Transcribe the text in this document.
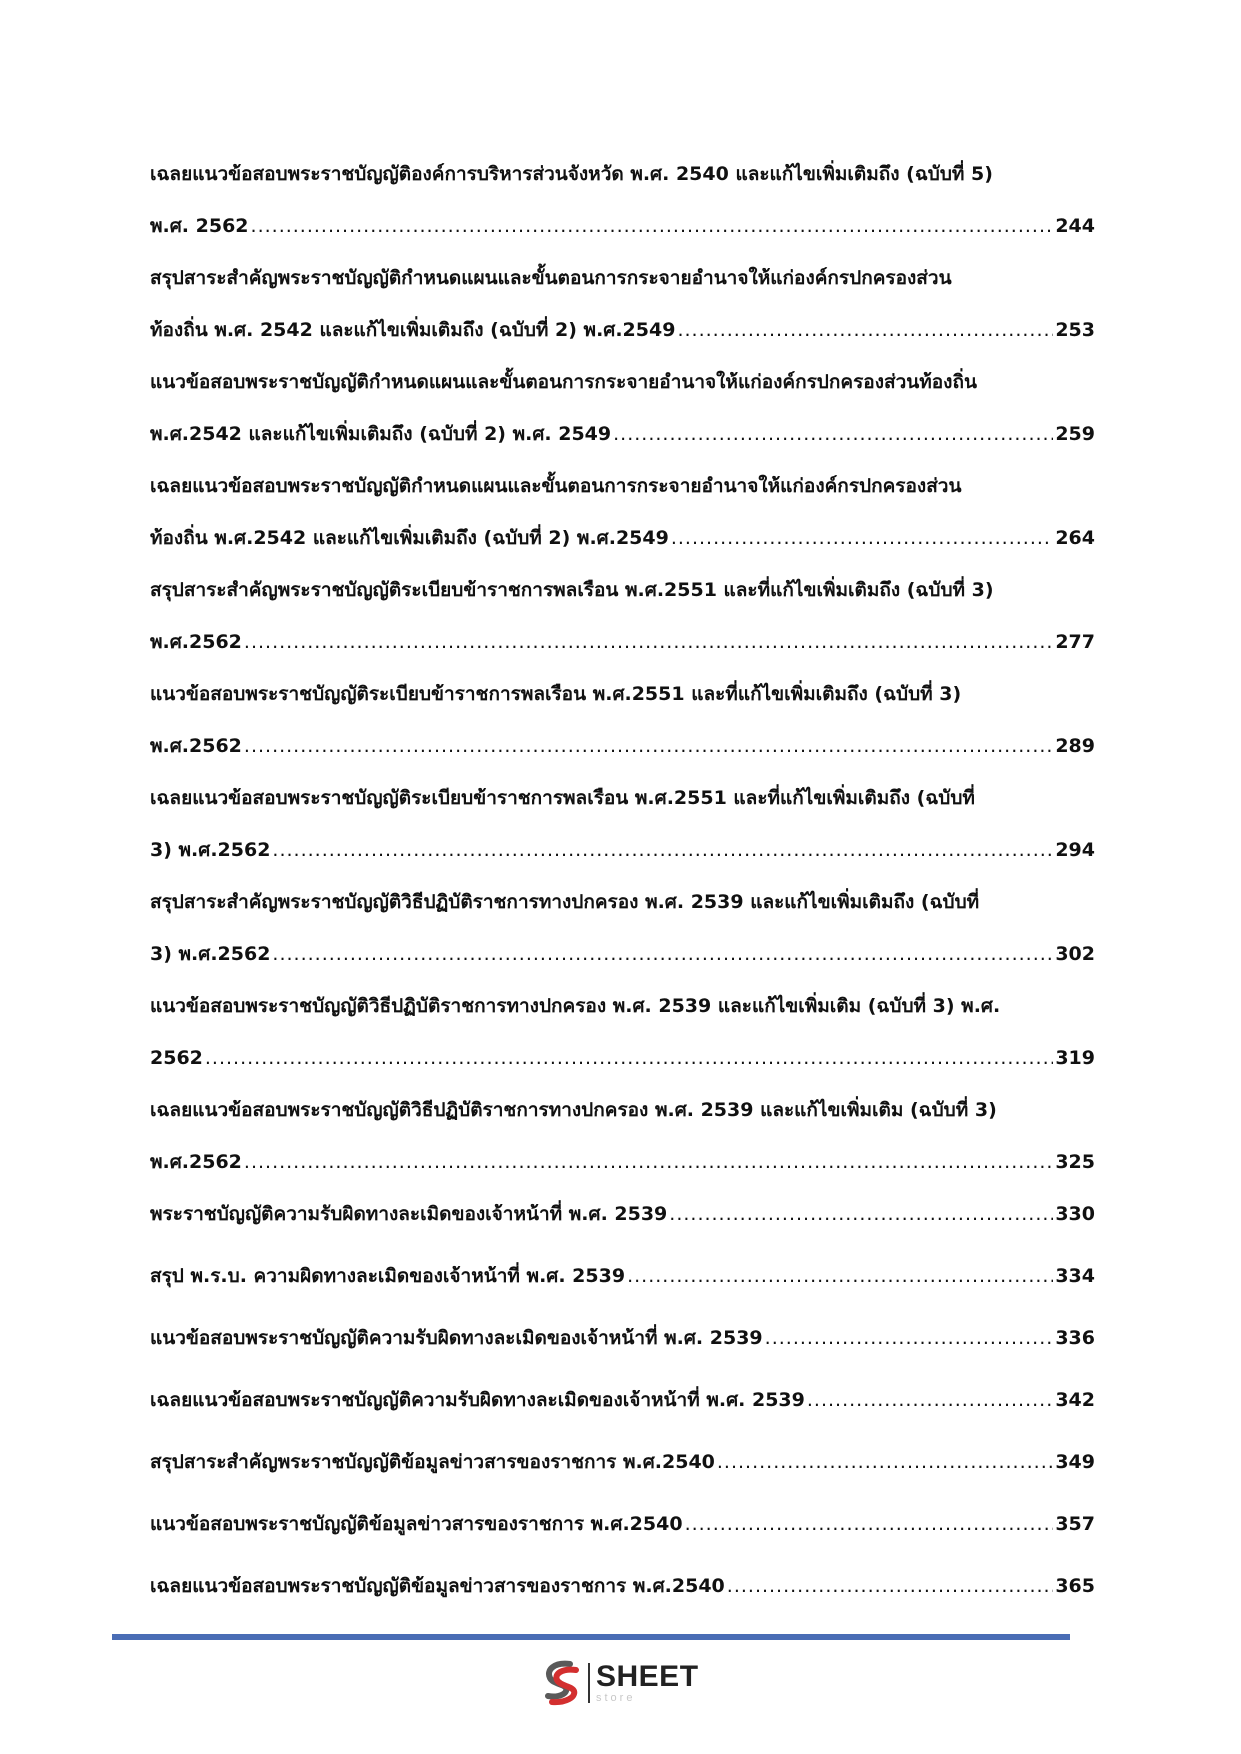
เฉลยแนวข้อสอบพระราชบัญญัติองค์การบริหารส่วนจังหวัด พ.ศ. 2540 และแก้ไขเพิ่มเติมถึง (ฉบับที่ 5)
พ.ศ. 2562 .....	244
สรุปสาระสำคัญพระราชบัญญัติกำหนดแผนและขั้นตอนการกระจายอำนาจให้แก่องค์กรปกครองส่วน
ท้องถิ่น พ.ศ. 2542 และแก้ไขเพิ่มเติมถึง (ฉบับที่ 2) พ.ศ.2549 .....	253
แนวข้อสอบพระราชบัญญัติกำหนดแผนและขั้นตอนการกระจายอำนาจให้แก่องค์กรปกครองส่วนท้องถิ่น
พ.ศ.2542 และแก้ไขเพิ่มเติมถึง (ฉบับที่ 2) พ.ศ. 2549 .....	259
เฉลยแนวข้อสอบพระราชบัญญัติกำหนดแผนและขั้นตอนการกระจายอำนาจให้แก่องค์กรปกครองส่วน
ท้องถิ่น พ.ศ.2542 และแก้ไขเพิ่มเติมถึง (ฉบับที่ 2) พ.ศ.2549 .....	264
สรุปสาระสำคัญพระราชบัญญัติระเบียบข้าราชการพลเรือน พ.ศ.2551 และที่แก้ไขเพิ่มเติมถึง (ฉบับที่ 3)
พ.ศ.2562 .....	277
แนวข้อสอบพระราชบัญญัติระเบียบข้าราชการพลเรือน พ.ศ.2551 และที่แก้ไขเพิ่มเติมถึง (ฉบับที่ 3)
พ.ศ.2562 .....	289
เฉลยแนวข้อสอบพระราชบัญญัติระเบียบข้าราชการพลเรือน พ.ศ.2551 และที่แก้ไขเพิ่มเติมถึง (ฉบับที่
3) พ.ศ.2562 .....	294
สรุปสาระสำคัญพระราชบัญญัติวิธีปฏิบัติราชการทางปกครอง พ.ศ. 2539 และแก้ไขเพิ่มเติมถึง (ฉบับที่
3) พ.ศ.2562 .....	302
แนวข้อสอบพระราชบัญญัติวิธีปฏิบัติราชการทางปกครอง พ.ศ. 2539 และแก้ไขเพิ่มเติม (ฉบับที่ 3) พ.ศ.
2562 .....	319
เฉลยแนวข้อสอบพระราชบัญญัติวิธีปฏิบัติราชการทางปกครอง พ.ศ. 2539 และแก้ไขเพิ่มเติม (ฉบับที่ 3)
พ.ศ.2562 .....	325
พระราชบัญญัติความรับผิดทางละเมิดของเจ้าหน้าที่ พ.ศ. 2539 .....	330
สรุป พ.ร.บ. ความผิดทางละเมิดของเจ้าหน้าที่ พ.ศ. 2539 .....	334
แนวข้อสอบพระราชบัญญัติความรับผิดทางละเมิดของเจ้าหน้าที่ พ.ศ. 2539 .....	336
เฉลยแนวข้อสอบพระราชบัญญัติความรับผิดทางละเมิดของเจ้าหน้าที่ พ.ศ. 2539 .....	342
สรุปสาระสำคัญพระราชบัญญัติข้อมูลข่าวสารของราชการ พ.ศ.2540 .....	349
แนวข้อสอบพระราชบัญญัติข้อมูลข่าวสารของราชการ พ.ศ.2540 .....	357
เฉลยแนวข้อสอบพระราชบัญญัติข้อมูลข่าวสารของราชการ พ.ศ.2540 .....	365
SHEET
store
